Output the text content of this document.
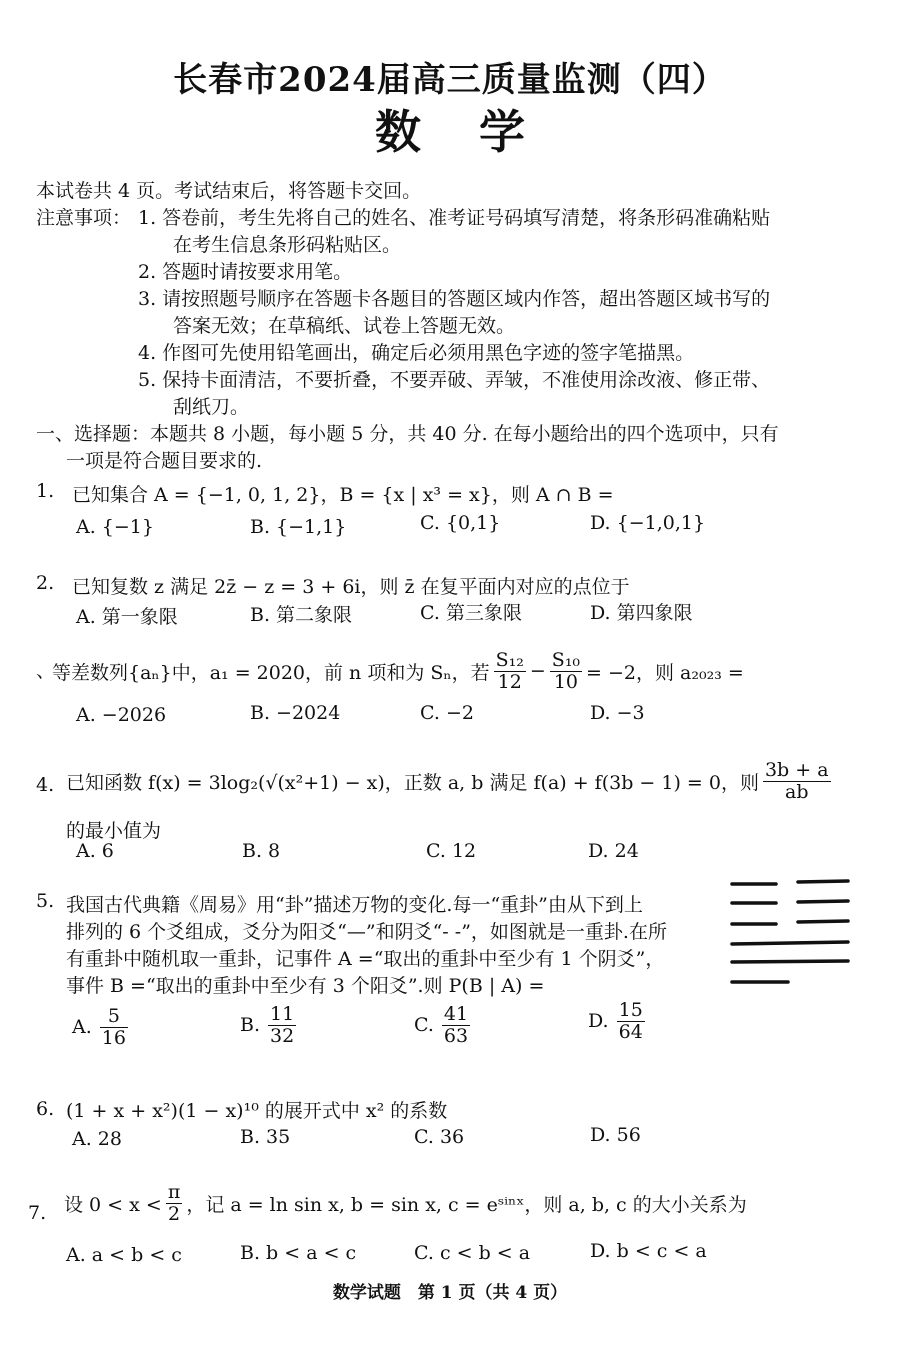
长春市2024届高三质量监测（四）
数学
本试卷共 4 页。考试结束后，将答题卡交回。
注意事项： 1. 答卷前，考生先将自己的姓名、准考证号码填写清楚，将条形码准确粘贴
在考生信息条形码粘贴区。
2. 答题时请按要求用笔。
3. 请按照题号顺序在答题卡各题目的答题区域内作答，超出答题区域书写的
答案无效；在草稿纸、试卷上答题无效。
4. 作图可先使用铅笔画出，确定后必须用黑色字迹的签字笔描黑。
5. 保持卡面清洁，不要折叠，不要弄破、弄皱，不准使用涂改液、修正带、
刮纸刀。
一、选择题：本题共 8 小题，每小题 5 分，共 40 分. 在每小题给出的四个选项中，只有
一项是符合题目要求的.
1. 已知集合 A = {−1, 0, 1, 2}，B = {x | x³ = x}，则 A ∩ B =
A. {−1}	B. {−1,1}	C. {0,1}	D. {−1,0,1}
2. 已知复数 z 满足 2z̄ − z = 3 + 6i，则 z̄ 在复平面内对应的点位于
A. 第一象限	B. 第二象限	C. 第三象限	D. 第四象限
、
等差数列{aₙ}中，a₁ = 2020，前 n 项和为 Sₙ，若 $\frac{\text{S₁₂}}{12} - \frac{\text{S₁₀}}{10} = -2$，则 a₂₀₂₃ =
A. −2026	B. −2024	C. −2	D. −3
4. 已知函数 f(x) = 3log₂(√(x²+1) − x)，正数 a, b 满足 f(a) + f(3b − 1) = 0，则 $\frac{3b + a}{ab}$
的最小值为
A. 6	B. 8	C. 12	D. 24
5. 我国古代典籍《周易》用“卦”描述万物的变化.每一“重卦”由从下到上
排列的 6 个爻组成，爻分为阳爻“—”和阴爻“- -”，如图就是一重卦.在所
有重卦中随机取一重卦，记事件 A =“取出的重卦中至少有 1 个阴爻”，
事件 B =“取出的重卦中至少有 3 个阳爻”.则 P(B | A) =
A. $\frac{5}{16}$	B. $\frac{11}{32}$	C. $\frac{41}{63}$	D. $\frac{15}{64}$
6. (1 + x + x²)(1 − x)¹⁰ 的展开式中 x² 的系数
A. 28	B. 35	C. 36	D. 56
7. 设 $0 < x < \frac{\pi}{2}$ ，记 a = ln sin x, b = sin x, c = eˢⁱⁿˣ，则 a, b, c 的大小关系为
A. a < b < c	B. b < a < c	C. c < b < a	D. b < c < a
数学试题　第 1 页（共 4 页）
